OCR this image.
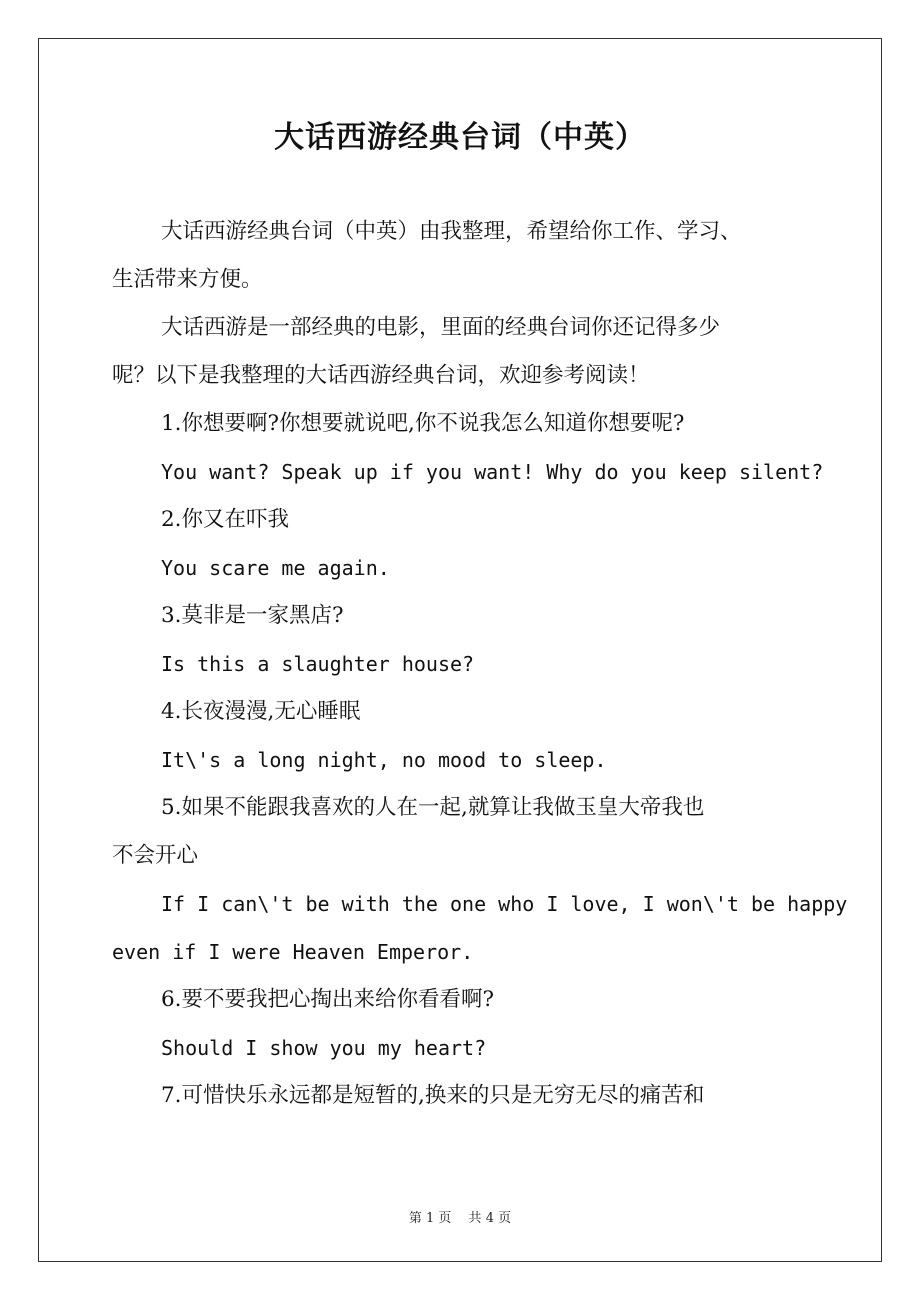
大话西游经典台词（中英）

大话西游经典台词（中英）由我整理，希望给你工作、学习、

生活带来方便。

大话西游是一部经典的电影，里面的经典台词你还记得多少

呢？以下是我整理的大话西游经典台词，欢迎参考阅读！

1.你想要啊?你想要就说吧,你不说我怎么知道你想要呢?

You want? Speak up if you want! Why do you keep silent?

2.你又在吓我

You scare me again.

3.莫非是一家黑店?

Is this a slaughter house?

4.长夜漫漫,无心睡眠

It\'s a long night, no mood to sleep.

5.如果不能跟我喜欢的人在一起,就算让我做玉皇大帝我也

不会开心

If I can\'t be with the one who I love, I won\'t be happy

even if I were Heaven Emperor.

6.要不要我把心掏出来给你看看啊?

Should I show you my heart?

7.可惜快乐永远都是短暂的,换来的只是无穷无尽的痛苦和

第 1 页　 共 4 页
